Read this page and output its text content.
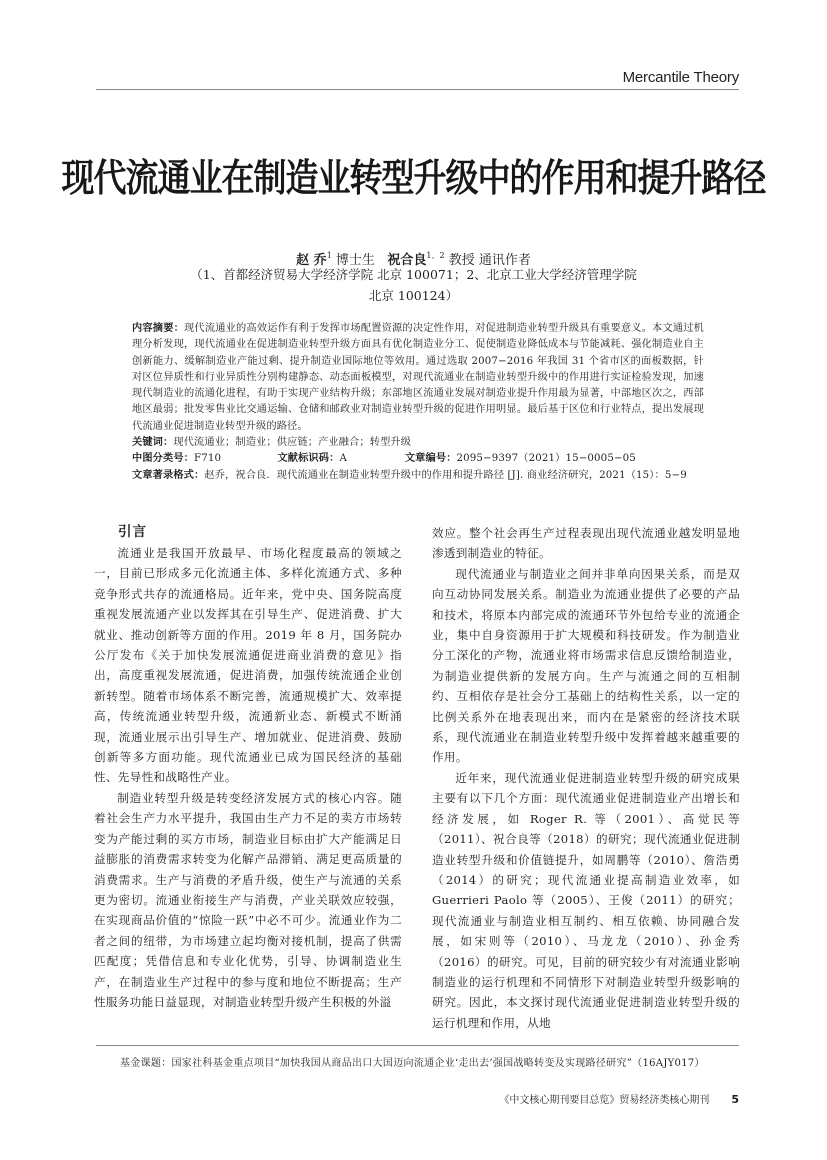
Mercantile Theory
现代流通业在制造业转型升级中的作用和提升路径
赵 乔$^1$ 博士生 祝合良$^{1、2}$ 教授 通讯作者
（1、首都经济贸易大学经济学院 北京 100071；2、北京工业大学经济管理学院
北京 100124）

内容摘要：现代流通业的高效运作有利于发挥市场配置资源的决定性作用，对促进制造业转型升级具有重要意义。本文通过机理分析发现，现代流通业在促进制造业转型升级方面具有优化制造业分工、促使制造业降低成本与节能减耗、强化制造业自主创新能力、缓解制造业产能过剩、提升制造业国际地位等效用。通过选取 2007−2016 年我国 31 个省市区的面板数据，针对区位异质性和行业异质性分别构建静态、动态面板模型，对现代流通业在制造业转型升级中的作用进行实证检验发现，加速现代制造业的流通化进程，有助于实现产业结构升级；东部地区流通业发展对制造业提升作用最为显著，中部地区次之，西部地区最弱；批发零售业比交通运输、仓储和邮政业对制造业转型升级的促进作用明显。最后基于区位和行业特点，提出发展现代流通业促进制造业转型升级的路径。

关键词：现代流通业；制造业；供应链；产业融合；转型升级

中图分类号：F710	文献标识码：A	文章编号：2095−9397（2021）15−0005−05

文章著录格式：赵乔，祝合良．现代流通业在制造业转型升级中的作用和提升路径 [J]. 商业经济研究，2021（15）：5−9

引言

流通业是我国开放最早、市场化程度最高的领域之一，目前已形成多元化流通主体、多样化流通方式、多种竞争形式共存的流通格局。近年来，党中央、国务院高度重视发展流通产业以发挥其在引导生产、促进消费、扩大就业、推动创新等方面的作用。2019 年 8 月，国务院办公厅发布《关于加快发展流通促进商业消费的意见》指出，高度重视发展流通，促进消费，加强传统流通企业创新转型。随着市场体系不断完善，流通规模扩大、效率提高，传统流通业转型升级，流通新业态、新模式不断涌现，流通业展示出引导生产、增加就业、促进消费、鼓励创新等多方面功能。现代流通业已成为国民经济的基础性、先导性和战略性产业。

制造业转型升级是转变经济发展方式的核心内容。随着社会生产力水平提升，我国由生产力不足的卖方市场转变为产能过剩的买方市场，制造业目标由扩大产能满足日益膨胀的消费需求转变为化解产品滞销、满足更高质量的消费需求。生产与消费的矛盾升级，使生产与流通的关系更为密切。流通业衔接生产与消费，产业关联效应较强，在实现商品价值的“惊险一跃”中必不可少。流通业作为二者之间的纽带，为市场建立起均衡对接机制，提高了供需匹配度；凭借信息和专业化优势，引导、协调制造业生产，在制造业生产过程中的参与度和地位不断提高；生产性服务功能日益显现，对制造业转型升级产生积极的外溢

效应。整个社会再生产过程表现出现代流通业越发明显地渗透到制造业的特征。

现代流通业与制造业之间并非单向因果关系，而是双向互动协同发展关系。制造业为流通业提供了必要的产品和技术，将原本内部完成的流通环节外包给专业的流通企业，集中自身资源用于扩大规模和科技研发。作为制造业分工深化的产物，流通业将市场需求信息反馈给制造业，为制造业提供新的发展方向。生产与流通之间的互相制约、互相依存是社会分工基础上的结构性关系，以一定的比例关系外在地表现出来，而内在是紧密的经济技术联系，现代流通业在制造业转型升级中发挥着越来越重要的作用。

近年来，现代流通业促进制造业转型升级的研究成果主要有以下几个方面：现代流通业促进制造业产出增长和经济发展，如 Roger R. 等（2001）、高觉民等（2011）、祝合良等（2018）的研究；现代流通业促进制造业转型升级和价值链提升，如周鹏等（2010）、詹浩勇（2014）的研究；现代流通业提高制造业效率，如 Guerrieri Paolo 等（2005）、王俊（2011）的研究；现代流通业与制造业相互制约、相互依赖、协同融合发展，如宋则等（2010）、马龙龙（2010）、孙金秀（2016）的研究。可见，目前的研究较少有对流通业影响制造业的运行机理和不同情形下对制造业转型升级影响的研究。因此，本文探讨现代流通业促进制造业转型升级的运行机理和作用，从地

基金课题：国家社科基金重点项目“加快我国从商品出口大国迈向流通企业‘走出去’强国战略转变及实现路径研究”（16AJY017）
《中文核心期刊要目总览》贸易经济类核心期刊 5
